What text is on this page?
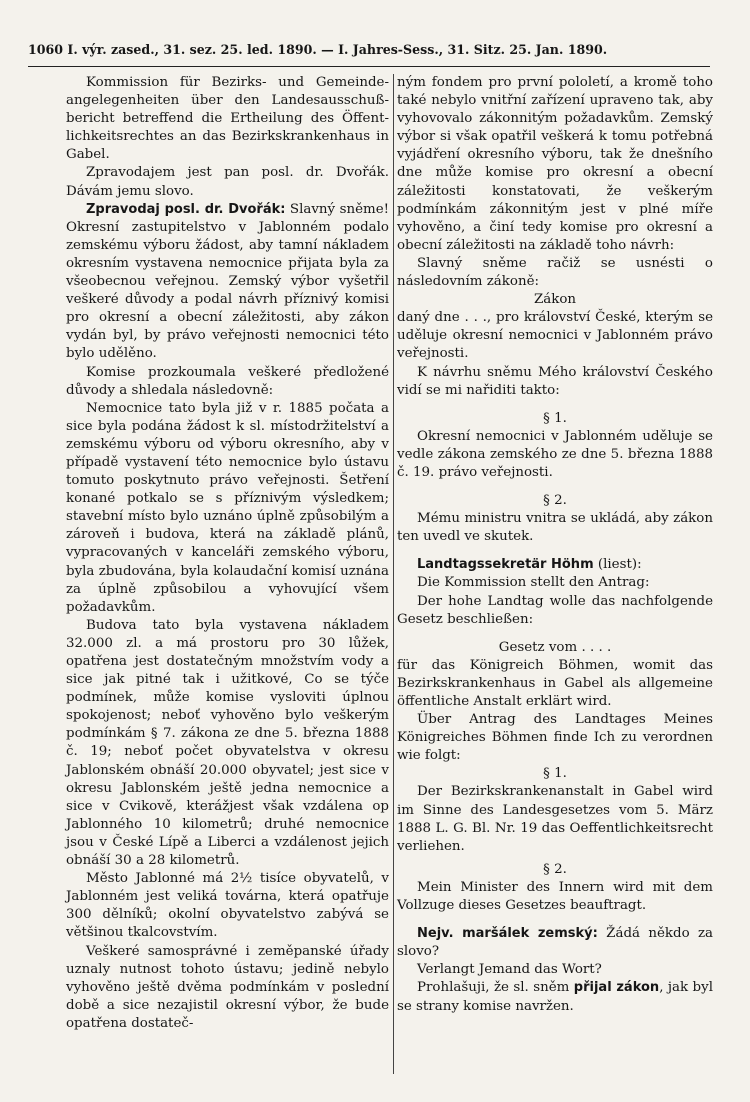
1060 I. výr. zased., 31. sez. 25. led. 1890. — I. Jahres-Sess., 31. Sitz. 25. Jan. 1890.

Kommission für Bezirks- und Gemeinde-angelegenheiten über den Landesausschuß-bericht betreffend die Ertheilung des Öffent-lichkeitsrechtes an das Bezirkskrankenhaus in Gabel.

Zpravodajem jest pan posl. dr. Dvořák. Dávám jemu slovo.

Zpravodaj posl. dr. Dvořák: Slavný sněme! Okresní zastupitelstvo v Jablonném podalo zemskému výboru žádost, aby tamní nákladem okresním vystavena nemocnice přijata byla za všeobecnou veřejnou. Zemský výbor vyšetřil veškeré důvody a podal návrh příznivý komisi pro okresní a obecní záležitosti, aby zákon vydán byl, by právo veřejnosti nemocnici této bylo udělěno.

Komise prozkoumala veškeré předložené důvody a shledala následovně:

Nemocnice tato byla již v r. 1885 počata a sice byla podána žádost k sl. místodržitelství a zemskému výboru od výboru okresního, aby v případě vystavení této nemocnice bylo ústavu tomuto poskytnuto právo veřejnosti. Šetření konané potkalo se s příznivým výsledkem; stavební místo bylo uznáno úplně způsobilým a zároveň i budova, která na základě plánů, vypracovaných v kanceláři zemského výboru, byla zbudována, byla kolaudační komisí uznána za úplně způsobilou a vyhovující všem požadavkům.

Budova tato byla vystavena nákladem 32.000 zl. a má prostoru pro 30 lůžek, opatřena jest dostatečným množstvím vody a sice jak pitné tak i užitkové, Co se týče podmínek, může komise vysloviti úplnou spokojenost; neboť vyhověno bylo veškerým podmínkám § 7. zákona ze dne 5. března 1888 č. 19; neboť počet obyvatelstva v okresu Jablonském obnáší 20.000 obyvatel; jest sice v okresu Jablonském ještě jedna nemocnice a sice v Cvikově, kterážjest však vzdálena op Jablonného 10 kilometrů; druhé nemocnice jsou v České Lípě a Liberci a vzdálenost jejich obnáší 30 a 28 kilometrů.

Město Jablonné má 2½ tisíce obyvatelů, v Jablonném jest veliká továrna, která opatřuje 300 dělníků; okolní obyvatelstvo zabývá se většinou tkalcovstvím.

Veškeré samosprávné i zeměpanské úřady uznaly nutnost tohoto ústavu; jedině nebylo vyhověno ještě dvěma podmínkám v poslední době a sice nezajistil okresní výbor, že bude opatřena dostateč-

ným fondem pro první pololetí, a kromě toho také nebylo vnitřní zařízení upraveno tak, aby vyhovovalo zákonnitým požadavkům. Zemský výbor si však opatřil veškerá k tomu potřebná vyjádření okresního výboru, tak že dnešního dne může komise pro okresní a obecní záležitosti konstatovati, že veškerým podmínkám zákonnitým jest v plné míře vyhověno, a činí tedy komise pro okresní a obecní záležitosti na základě toho návrh:

Slavný sněme račiž se usnésti o následovním zákoně:

Zákon

daný dne . . ., pro království České, kterým se uděluje okresní nemocnici v Jablonném právo veřejnosti.

K návrhu sněmu Mého království Českého vidí se mi nařiditi takto:

§ 1.

Okresní nemocnici v Jablonném uděluje se vedle zákona zemského ze dne 5. března 1888 č. 19. právo veřejnosti.

§ 2.

Mému ministru vnitra se ukládá, aby zákon ten uvedl ve skutek.

Landtagssekretär Höhm (liest):

Die Kommission stellt den Antrag:

Der hohe Landtag wolle das nachfolgende Gesetz beschließen:

Gesetz vom . . . .

für das Königreich Böhmen, womit das Bezirkskrankenhaus in Gabel als allgemeine öffentliche Anstalt erklärt wird.

Über Antrag des Landtages Meines Königreiches Böhmen finde Ich zu verordnen wie folgt:

§ 1.

Der Bezirkskrankenanstalt in Gabel wird im Sinne des Landesgesetzes vom 5. März 1888 L. G. Bl. Nr. 19 das Oeffentlichkeitsrecht verliehen.

§ 2.

Mein Minister des Innern wird mit dem Vollzuge dieses Gesetzes beauftragt.

Nejv. maršálek zemský: Žádá někdo za slovo?

Verlangt Jemand das Wort?

Prohlašuji, že sl. sněm přijal zákon, jak byl se strany komise navržen.
